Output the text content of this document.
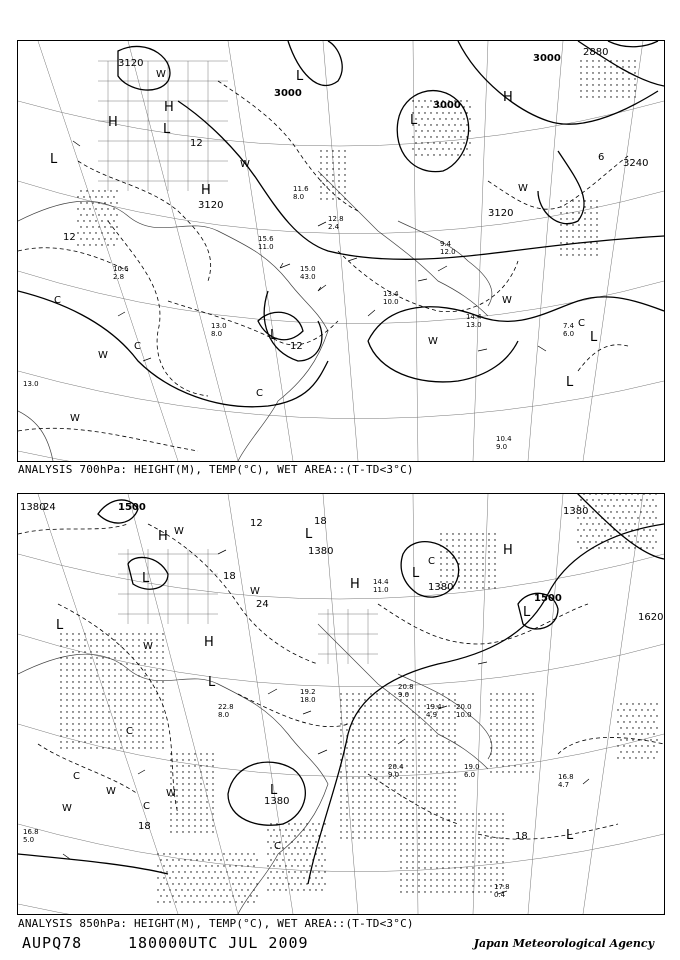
3120
3000
3000
3000
3120
3240
2880
3120
H
H
H
H
L
L
L
L
L	L
L
12
12
12
6
W
W
W
W
W
W
W
C
C
C
C
11.6
8.0
12.8
2.4
15.0
43.0
13.4
10.0
13.0
8.0
10.4
9.0
7.4
6.0
14.4
13.0
9.4
12.0
10.6
2.8
15.6
11.0
13.0
ANALYSIS 700hPa: HEIGHT(M), TEMP(°C), WET AREA::(T-TD<3°C)
1380	1500
1500
1380
1380
1380
1620
1380
H
H
H
H
L
L
L
L
L
L
L
L
24
18
18
18
12
18
24
W
W
W
W
W
W
C
C
C
C
C
19.2
18.0
14.4
11.0
20.8
9.0
20.0
10.0
19.4
4.9
16.8
4.7
17.8
0.4
19.0
6.0
20.4
9.0
22.8
8.0
16.8
5.0
ANALYSIS 850hPa: HEIGHT(M), TEMP(°C), WET AREA::(T-TD<3°C)
AUPQ78	180000UTC JUL 2009	Japan Meteorological Agency
